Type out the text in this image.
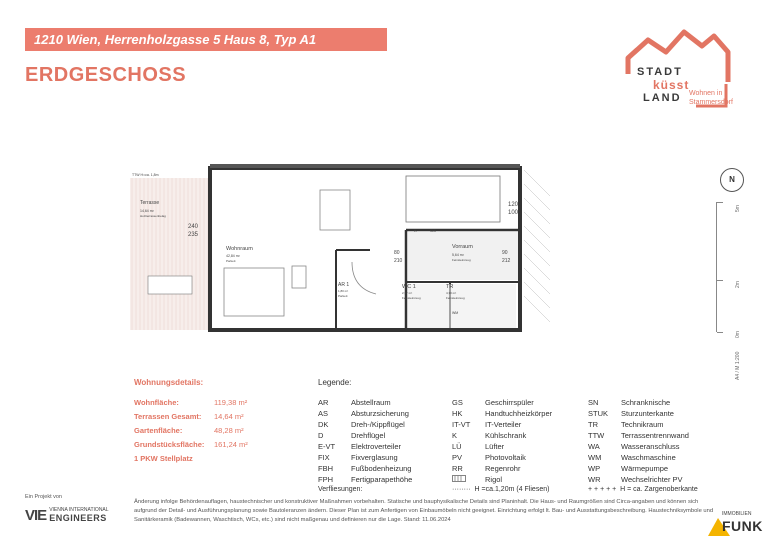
1210 Wien, Herrenholzgasse 5 Haus 8, Typ A1
ERDGESCHOSS	STADT
küsst
LAND Wohnen in
Stammersdorf
Terrasse
14,64 m²
Holzterrassenbelag
Wohnraum
42,84 m²
Parkett
Vorraum
5,64 m²
Feinsteinzeug
WC 1
2,57 m²
Feinsteinzeug
TR
4,30 m²
Feinsteinzeug
AR 1
1,80 m²
Parkett
TTW H=ca. 1,8m
120
100
240
235
80
210
90
212
K	GS
WM
N
5m
2m
0m
A4 / M 1:200
Wohnungsdetails:
Wohnfläche:	119,38 m²
Terrassen Gesamt:	14,64 m²
Gartenfläche:	48,28 m²
Grundstücksfläche:	161,24 m²
1 PKW Stellplatz
Legende:
AR	Abstellraum
AS	Absturzsicherung
DK	Dreh-/Kippflügel
D	Drehflügel
E-VT	Elektroverteiler
FIX	Fixverglasung
FBH	Fußbodenheizung
FPH	Fertigparapethöhe
GS	Geschirrspüler
HK	Handtuchheizkörper
IT-VT	IT-Verteiler
K	Kühlschrank
LÜ	Lüfter
PV	Photovoltaik
RR	Regenrohr
Rigol
SN	Schranknische
STUK	Sturzunterkante
TR	Technikraum
TTW	Terrassentrennwand
WA	Wasseranschluss
WM	Waschmaschine
WP	Wärmepumpe
WR	Wechselrichter PV
Verfliesungen:	········  H =ca.1,20m (4 Fliesen)	+ + + + +  H = ca. Zargenoberkante
Änderung infolge Behördenauflagen, haustechnischer und konstruktiver Maßnahmen vorbehalten. Statische und bauphysikalische Details sind Planinhalt. Die Haus- und Raumgrößen sind Circa-angaben und können sich aufgrund der Detail- und Ausführungsplanung sowie Bautoleranzen ändern. Dieser Plan ist zum Anfertigen von Einbaumöbeln nicht geeignet. Einrichtung erfolgt lt. Bau- und Ausstattungsbeschreibung. Haustechniksymbole und Sanitärkeramik (Badewannen, Waschtisch, WCs, etc.) sind nicht maßgenau und definieren nur die Lage. Stand: 11.06.2024
Ein Projekt von
VIE VIENNA INTERNATIONAL
ENGINEERS	IMMOBILIEN
FUNK
